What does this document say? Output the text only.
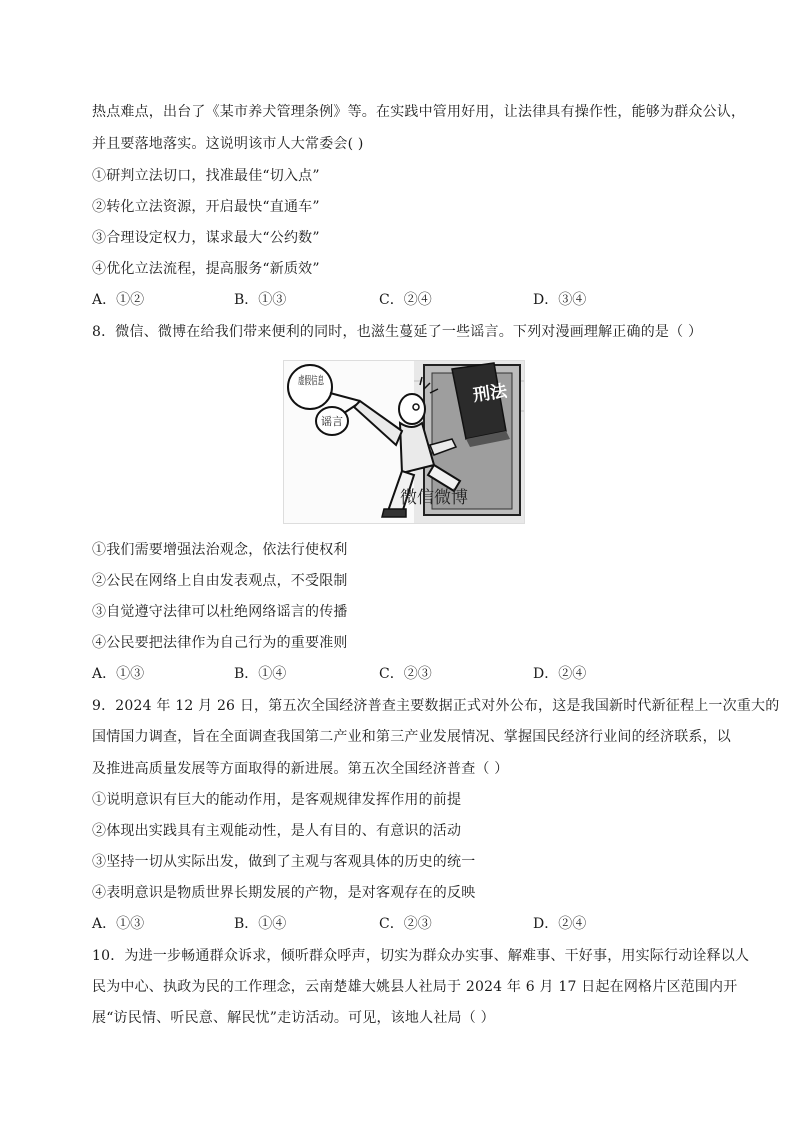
热点难点，出台了《某市养犬管理条例》等。在实践中管用好用，让法律具有操作性，能够为群众公认，
并且要落地落实。这说明该市人大常委会( )
①研判立法切口，找准最佳“切入点”
②转化立法资源，开启最快“直通车”
③合理设定权力，谋求最大“公约数”
④优化立法流程，提高服务“新质效”
A．①②	B．①③	C．②④	D．③④
8．微信、微博在给我们带来便利的同时，也滋生蔓延了一些谣言。下列对漫画理解正确的是（ ）
刑法
虚假信息
谣言
微信微博
①我们需要增强法治观念，依法行使权利
②公民在网络上自由发表观点，不受限制
③自觉遵守法律可以杜绝网络谣言的传播
④公民要把法律作为自己行为的重要准则
A．①③	B．①④	C．②③	D．②④
9．2024 年 12 月 26 日，第五次全国经济普查主要数据正式对外公布，这是我国新时代新征程上一次重大的
国情国力调查，旨在全面调查我国第二产业和第三产业发展情况、掌握国民经济行业间的经济联系，以
及推进高质量发展等方面取得的新进展。第五次全国经济普查（ ）
①说明意识有巨大的能动作用，是客观规律发挥作用的前提
②体现出实践具有主观能动性，是人有目的、有意识的活动
③坚持一切从实际出发，做到了主观与客观具体的历史的统一
④表明意识是物质世界长期发展的产物，是对客观存在的反映
A．①③	B．①④	C．②③	D．②④
10．为进一步畅通群众诉求，倾听群众呼声，切实为群众办实事、解难事、干好事，用实际行动诠释以人
民为中心、执政为民的工作理念，云南楚雄大姚县人社局于 2024 年 6 月 17 日起在网格片区范围内开
展“访民情、听民意、解民忧”走访活动。可见，该地人社局（ ）
